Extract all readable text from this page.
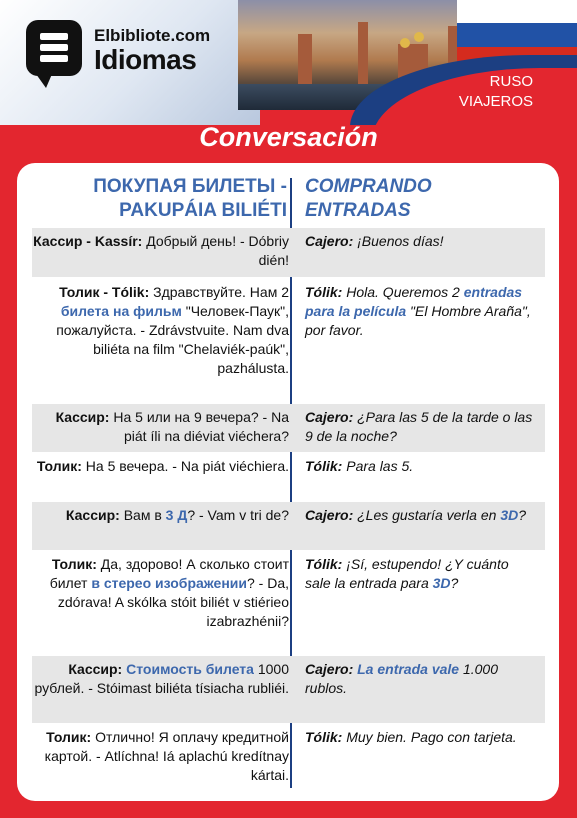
RUSO
VIAJEROS
Elbibliote.com
Idiomas
Conversación
ПОКУПАЯ БИЛЕТЫ -
PAKUPÁIA BILIÉTI
COMPRANDO
ENTRADAS
Кассир - Kassír: Добрый день! - Dóbriy dién!
Cajero: ¡Buenos días!
Толик - Tólik: Здравствуйте. Нам 2 билета на фильм "Человек-Паук", пожалуйста. - Zdrávstvuite. Nam dva biliéta na film "Chelaviék-paúk", pazhálusta.
Tólik: Hola. Queremos 2 entradas para la película "El Hombre Araña", por favor.
Кассир: На 5 или на 9 вечера? - Na piát íli na diéviat viéchera?
Cajero: ¿Para las 5 de la tarde o las 9 de la noche?
Толик: На 5 вечера. - Na piát viéchiera. Tólik: Para las 5.
Кассир: Вам в 3 Д? - Vam v tri de? Cajero: ¿Les gustaría verla en 3D?
Толик: Да, здорово! А сколько стоит билет в стерео изображении? - Da, zdórava! A skólka stóit biliét v stiérieo izabrazhénii?
Tólik: ¡Sí, estupendo! ¿Y cuánto sale la entrada para 3D?
Кассир: Стоимость билета 1000 рублей. - Stóimast biliéta tísiacha rubliéi.
Cajero: La entrada vale 1.000 rublos.
Толик: Отлично! Я оплачу кредитной картой. - Atlíchna! Iá aplachú kredítnay kártai.
Tólik: Muy bien. Pago con tarjeta.
